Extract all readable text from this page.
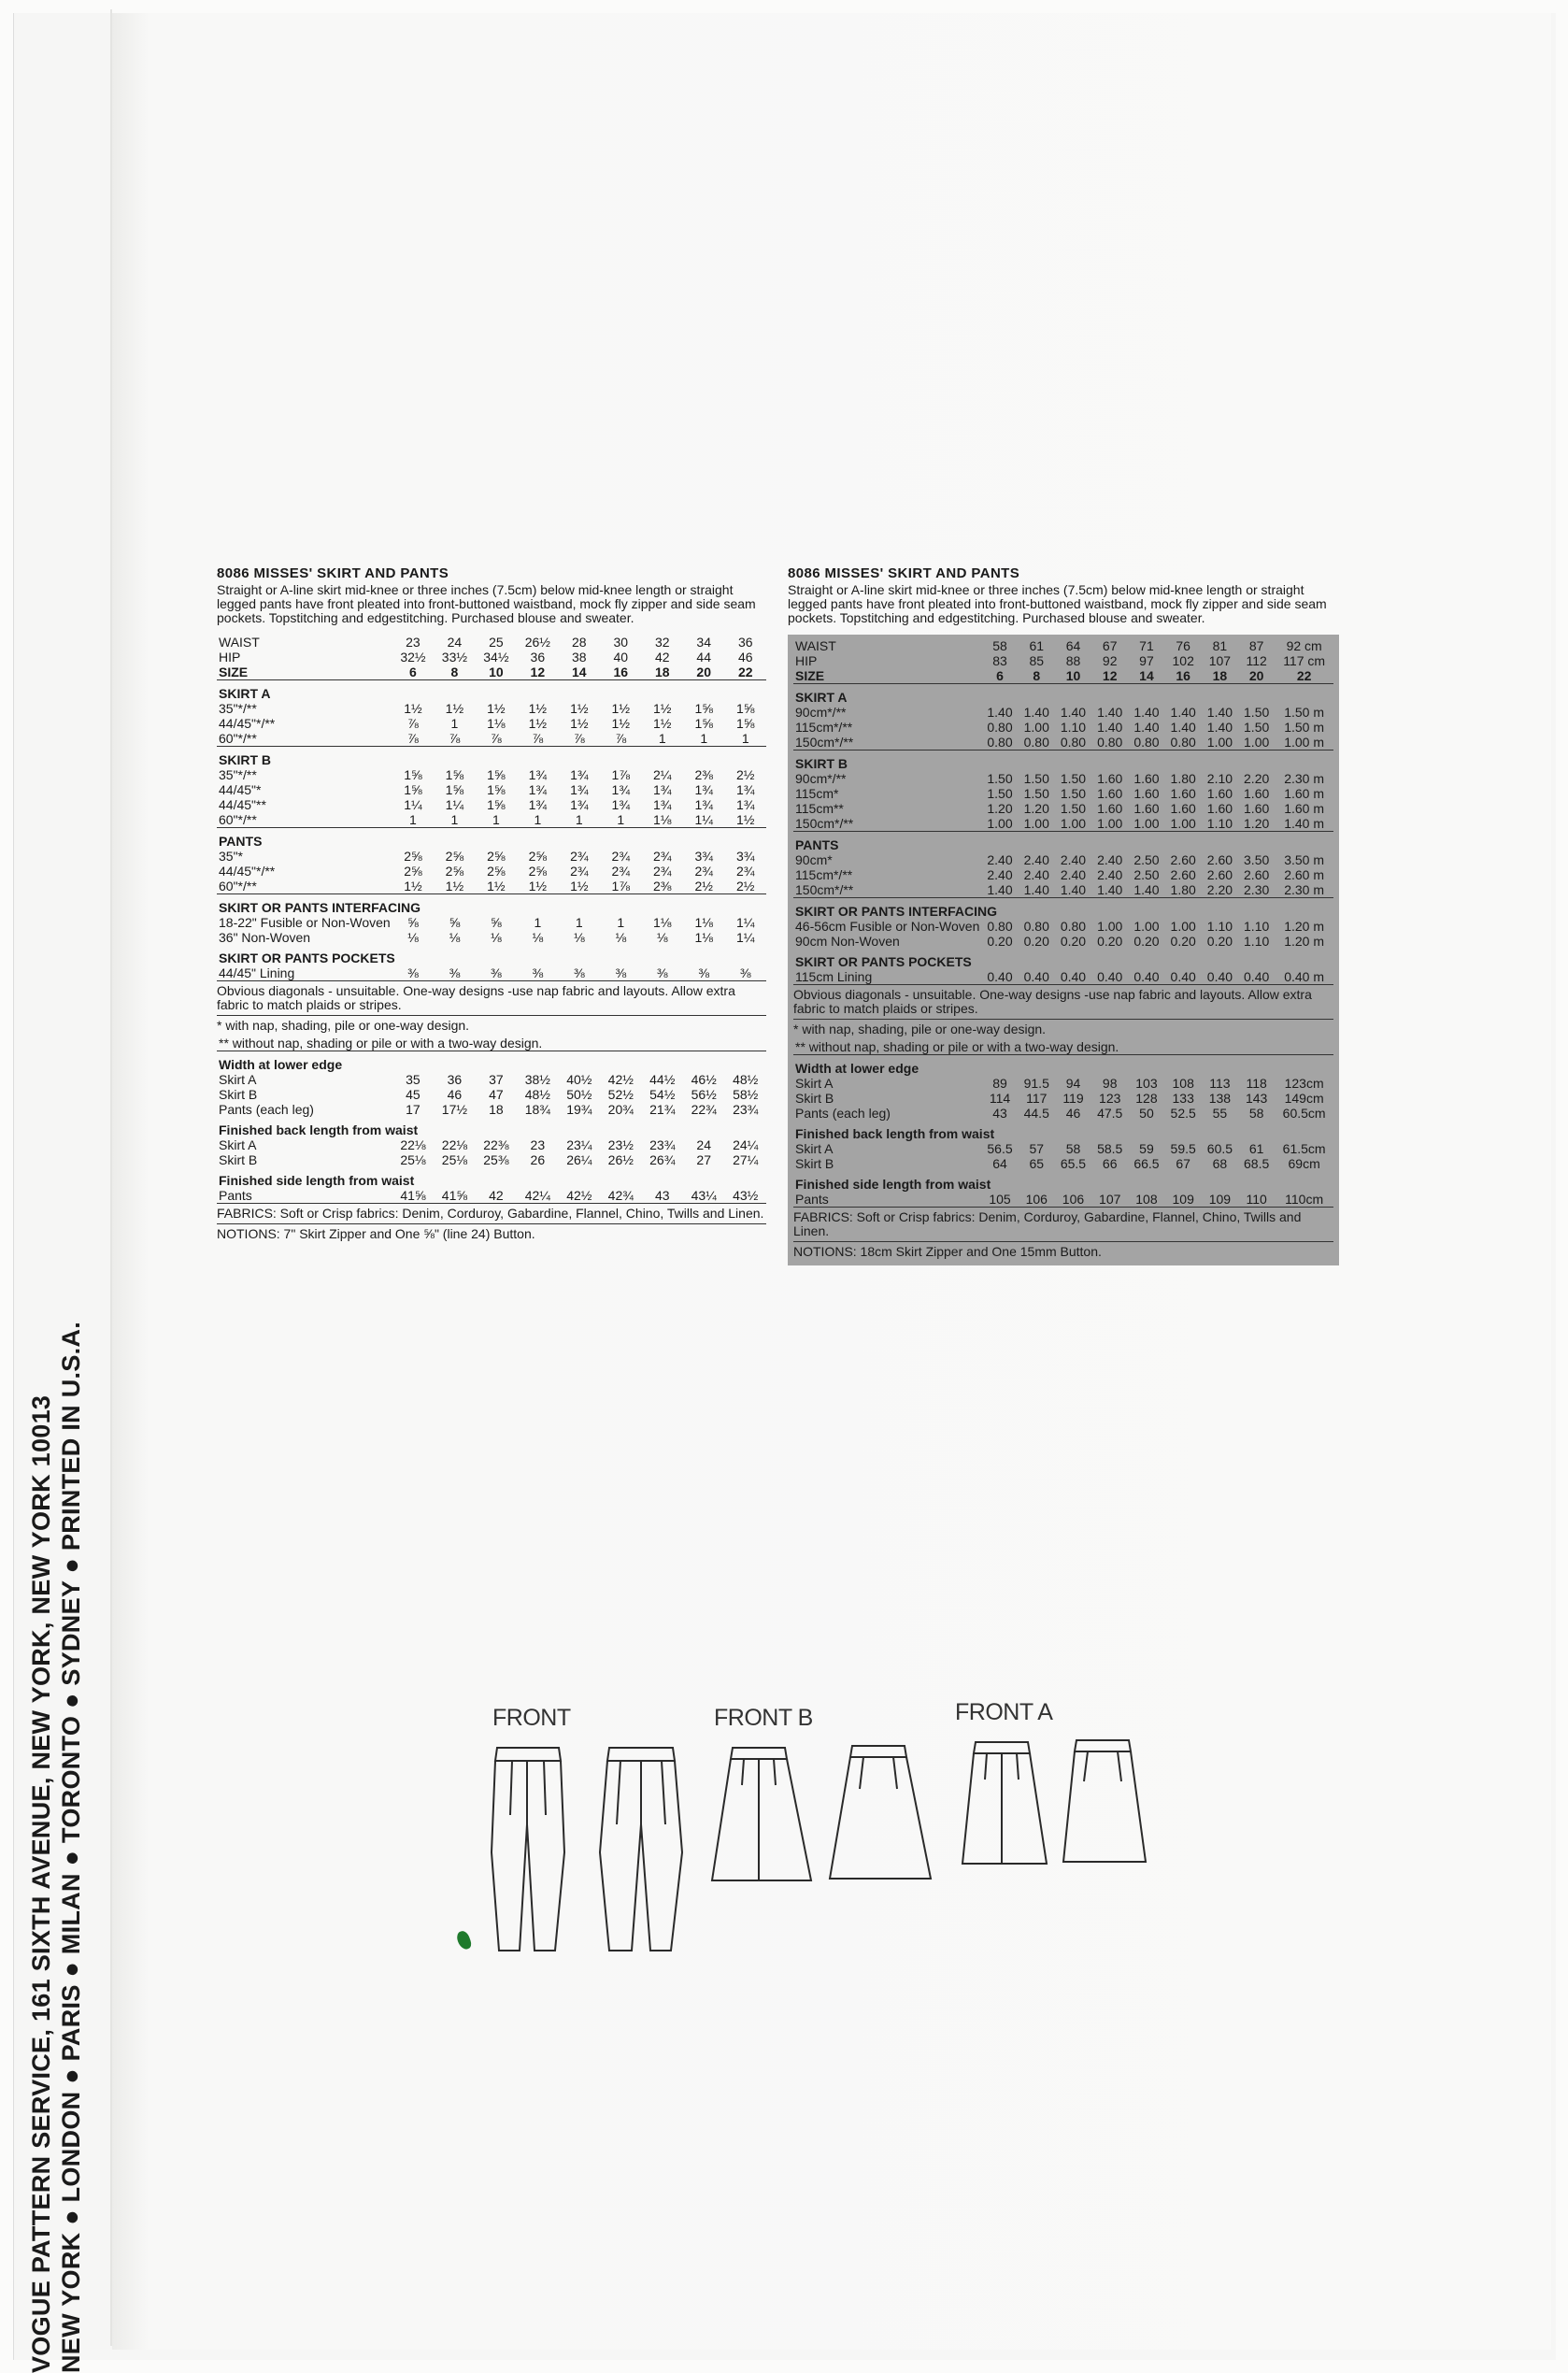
VOGUE PATTERN SERVICE, 161 SIXTH AVENUE, NEW YORK, NEW YORK 10013 NEW YORK ● LONDON ● PARIS ● MILAN ● TORONTO ● SYDNEY ● PRINTED IN U.S.A.
8086 MISSES' SKIRT AND PANTS
Straight or A-line skirt mid-knee or three inches (7.5cm) below mid-knee length or straight legged pants have front pleated into front-buttoned waistband, mock fly zipper and side seam pockets. Topstitching and edgestitching. Purchased blouse and sweater.
WAIST	23	24	25	26½	28	30	32	34	36
HIP	32½	33½	34½	36	38	40	42	44	46
SIZE	6	8	10	12	14	16	18	20	22
SKIRT A									
35"*/**	1½	1½	1½	1½	1½	1½	1½	1⅝	1⅝
44/45"*/**	⅞	1	1⅛	1½	1½	1½	1½	1⅝	1⅝
60"*/**	⅞	⅞	⅞	⅞	⅞	⅞	1	1	1
SKIRT B									
35"*/**	1⅝	1⅝	1⅝	1¾	1¾	1⅞	2¼	2⅜	2½
44/45"*	1⅝	1⅝	1⅝	1¾	1¾	1¾	1¾	1¾	1¾
44/45"**	1¼	1¼	1⅝	1¾	1¾	1¾	1¾	1¾	1¾
60"*/**	1	1	1	1	1	1	1⅛	1¼	1½
PANTS									
35"*	2⅝	2⅝	2⅝	2⅝	2¾	2¾	2¾	3¾	3¾
44/45"*/**	2⅝	2⅝	2⅝	2⅝	2¾	2¾	2¾	2¾	2¾
60"*/**	1½	1½	1½	1½	1½	1⅞	2⅜	2½	2½
SKIRT OR PANTS INTERFACING									
18-22" Fusible or Non-Woven	⅝	⅝	⅝	1	1	1	1⅛	1⅛	1¼
36" Non-Woven	⅛	⅛	⅛	⅛	⅛	⅛	⅛	1⅛	1¼
SKIRT OR PANTS POCKETS									
44/45" Lining	⅜	⅜	⅜	⅜	⅜	⅜	⅜	⅜	⅜
Obvious diagonals - unsuitable. One-way designs -use nap fabric and layouts. Allow extra fabric to match plaids or stripes.									
* with nap, shading, pile or one-way design.									
** without nap, shading or pile or with a two-way design.									
Width at lower edge									
Skirt A	35	36	37	38½	40½	42½	44½	46½	48½
Skirt B	45	46	47	48½	50½	52½	54½	56½	58½
Pants (each leg)	17	17½	18	18¾	19¾	20¾	21¾	22¾	23¾
Finished back length from waist									
Skirt A	22⅛	22⅛	22⅜	23	23¼	23½	23¾	24	24¼
Skirt B	25⅛	25⅛	25⅜	26	26¼	26½	26¾	27	27¼
Finished side length from waist									
Pants	41⅝	41⅝	42	42¼	42½	42¾	43	43¼	43½
FABRICS: Soft or Crisp fabrics: Denim, Corduroy, Gabardine, Flannel, Chino, Twills and Linen.									
NOTIONS: 7" Skirt Zipper and One ⅝" (line 24) Button.									
8086 MISSES' SKIRT AND PANTS
Straight or A-line skirt mid-knee or three inches (7.5cm) below mid-knee length or straight legged pants have front pleated into front-buttoned waistband, mock fly zipper and side seam pockets. Topstitching and edgestitching. Purchased blouse and sweater.
WAIST	58	61	64	67	71	76	81	87	92 cm
HIP	83	85	88	92	97	102	107	112	117 cm
SIZE	6	8	10	12	14	16	18	20	22
SKIRT A									
90cm*/**	1.40	1.40	1.40	1.40	1.40	1.40	1.40	1.50	1.50 m
115cm*/**	0.80	1.00	1.10	1.40	1.40	1.40	1.40	1.50	1.50 m
150cm*/**	0.80	0.80	0.80	0.80	0.80	0.80	1.00	1.00	1.00 m
SKIRT B									
90cm*/**	1.50	1.50	1.50	1.60	1.60	1.80	2.10	2.20	2.30 m
115cm*	1.50	1.50	1.50	1.60	1.60	1.60	1.60	1.60	1.60 m
115cm**	1.20	1.20	1.50	1.60	1.60	1.60	1.60	1.60	1.60 m
150cm*/**	1.00	1.00	1.00	1.00	1.00	1.00	1.10	1.20	1.40 m
PANTS									
90cm*	2.40	2.40	2.40	2.40	2.50	2.60	2.60	3.50	3.50 m
115cm*/**	2.40	2.40	2.40	2.40	2.50	2.60	2.60	2.60	2.60 m
150cm*/**	1.40	1.40	1.40	1.40	1.40	1.80	2.20	2.30	2.30 m
SKIRT OR PANTS INTERFACING									
46-56cm Fusible or Non-Woven	0.80	0.80	0.80	1.00	1.00	1.00	1.10	1.10	1.20 m
90cm Non-Woven	0.20	0.20	0.20	0.20	0.20	0.20	0.20	1.10	1.20 m
SKIRT OR PANTS POCKETS									
115cm Lining	0.40	0.40	0.40	0.40	0.40	0.40	0.40	0.40	0.40 m
Obvious diagonals - unsuitable. One-way designs -use nap fabric and layouts. Allow extra fabric to match plaids or stripes.									
* with nap, shading, pile or one-way design.									
** without nap, shading or pile or with a two-way design.									
Width at lower edge									
Skirt A	89	91.5	94	98	103	108	113	118	123cm
Skirt B	114	117	119	123	128	133	138	143	149cm
Pants (each leg)	43	44.5	46	47.5	50	52.5	55	58	60.5cm
Finished back length from waist									
Skirt A	56.5	57	58	58.5	59	59.5	60.5	61	61.5cm
Skirt B	64	65	65.5	66	66.5	67	68	68.5	69cm
Finished side length from waist									
Pants	105	106	106	107	108	109	109	110	110cm
FABRICS: Soft or Crisp fabrics: Denim, Corduroy, Gabardine, Flannel, Chino, Twills and Linen.									
NOTIONS: 18cm Skirt Zipper and One 15mm Button.									
FRONT	FRONT B	FRONT A
